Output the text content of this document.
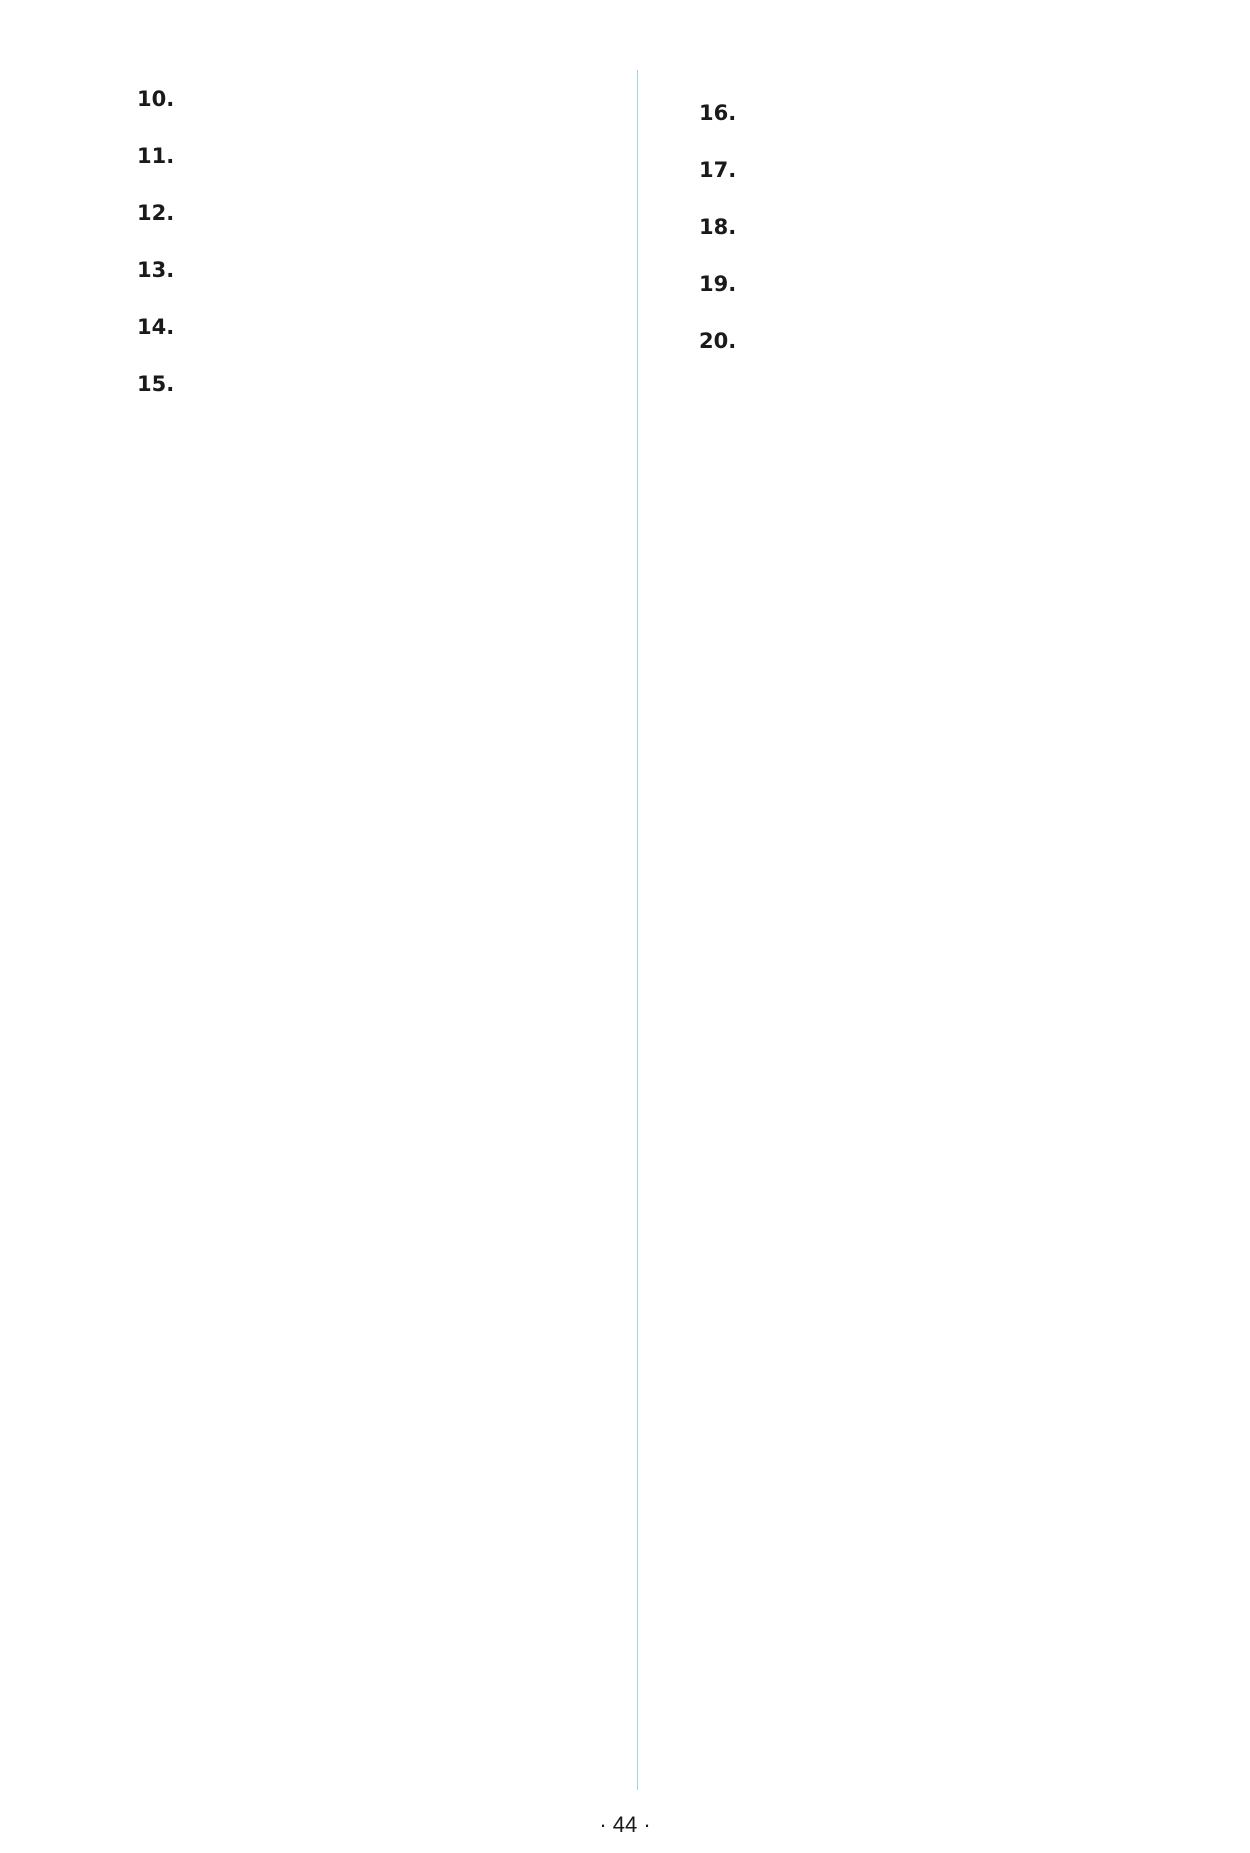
10.

11.

12.

13.

14.

15.

16.

17.

18.

19.

20.

· 44 ·
